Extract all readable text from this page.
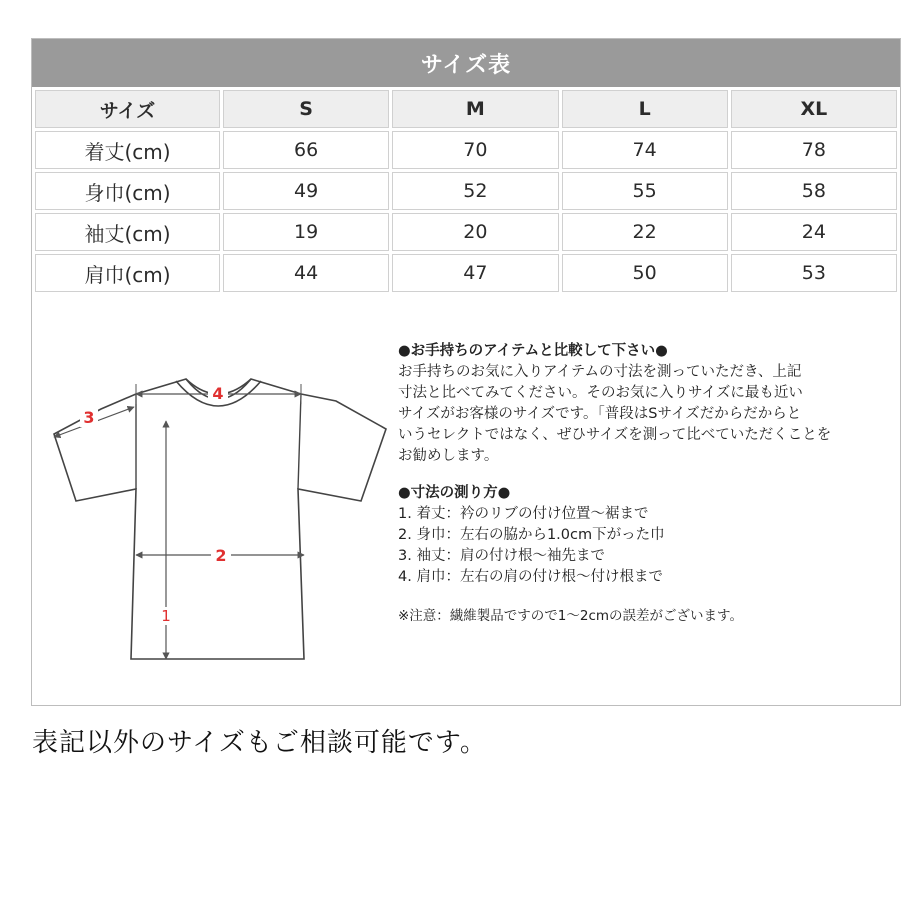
サイズ表
サイズ	S	M	L	XL
着丈(cm)	66	70	74	78
身巾(cm)	49	52	55	58
袖丈(cm)	19	20	22	24
肩巾(cm)	44	47	50	53
4
3
2
1

●お手持ちのアイテムと比較して下さい●

お手持ちのお気に入りアイテムの寸法を測っていただき、上記

寸法と比べてみてください。そのお気に入りサイズに最も近い

サイズがお客様のサイズです。「普段はSサイズだからだからと

いうセレクトではなく、ぜひサイズを測って比べていただくことを

お勧めします。

●寸法の測り方●

1. 着丈：衿のリブの付け位置～裾まで
2. 身巾：左右の脇から1.0cm下がった巾
3. 袖丈：肩の付け根～袖先まで
4. 肩巾：左右の肩の付け根～付け根まで

※注意：繊維製品ですので1～2cmの誤差がございます。

表記以外のサイズもご相談可能です。
